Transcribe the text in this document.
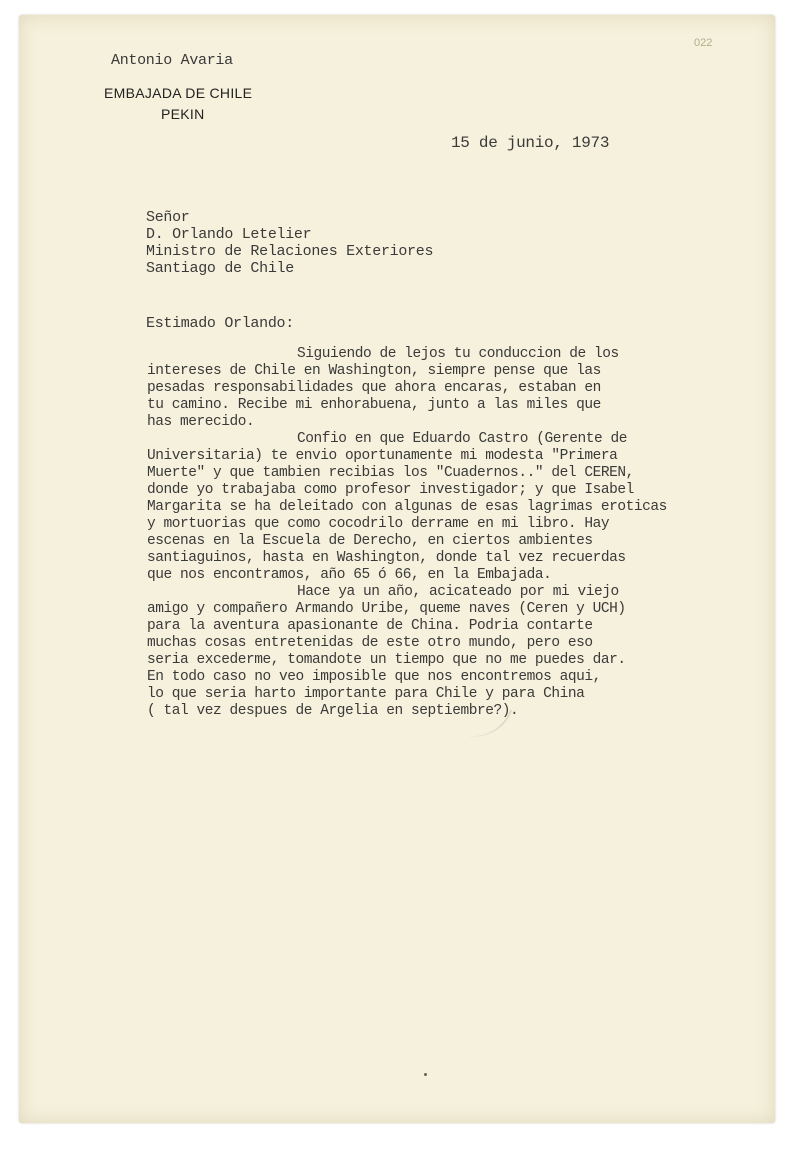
022
Antonio Avaria
EMBAJADA DE CHILE
PEKIN
15 de junio, 1973
Señor
D. Orlando Letelier
Ministro de Relaciones Exteriores
Santiago de Chile
Estimado Orlando:
Siguiendo de lejos tu conduccion de los
intereses de Chile en Washington, siempre pense que las
pesadas responsabilidades que ahora encaras, estaban en
tu camino. Recibe mi enhorabuena, junto a las miles que
has merecido.
Confio en que Eduardo Castro (Gerente de
Universitaria) te envio oportunamente mi modesta "Primera
Muerte" y que tambien recibias los "Cuadernos.." del CEREN,
donde yo trabajaba como profesor investigador; y que Isabel
Margarita se ha deleitado con algunas de esas lagrimas eroticas
y mortuorias que como cocodrilo derrame en mi libro. Hay
escenas en la Escuela de Derecho, en ciertos ambientes
santiaguinos, hasta en Washington, donde tal vez recuerdas
que nos encontramos, año 65 ó 66, en la Embajada.
Hace ya un año, acicateado por mi viejo
amigo y compañero Armando Uribe, queme naves (Ceren y UCH)
para la aventura apasionante de China. Podria contarte
muchas cosas entretenidas de este otro mundo, pero eso
seria excederme, tomandote un tiempo que no me puedes dar.
En todo caso no veo imposible que nos encontremos aqui,
lo que seria harto importante para Chile y para China
( tal vez despues de Argelia en septiembre?).
